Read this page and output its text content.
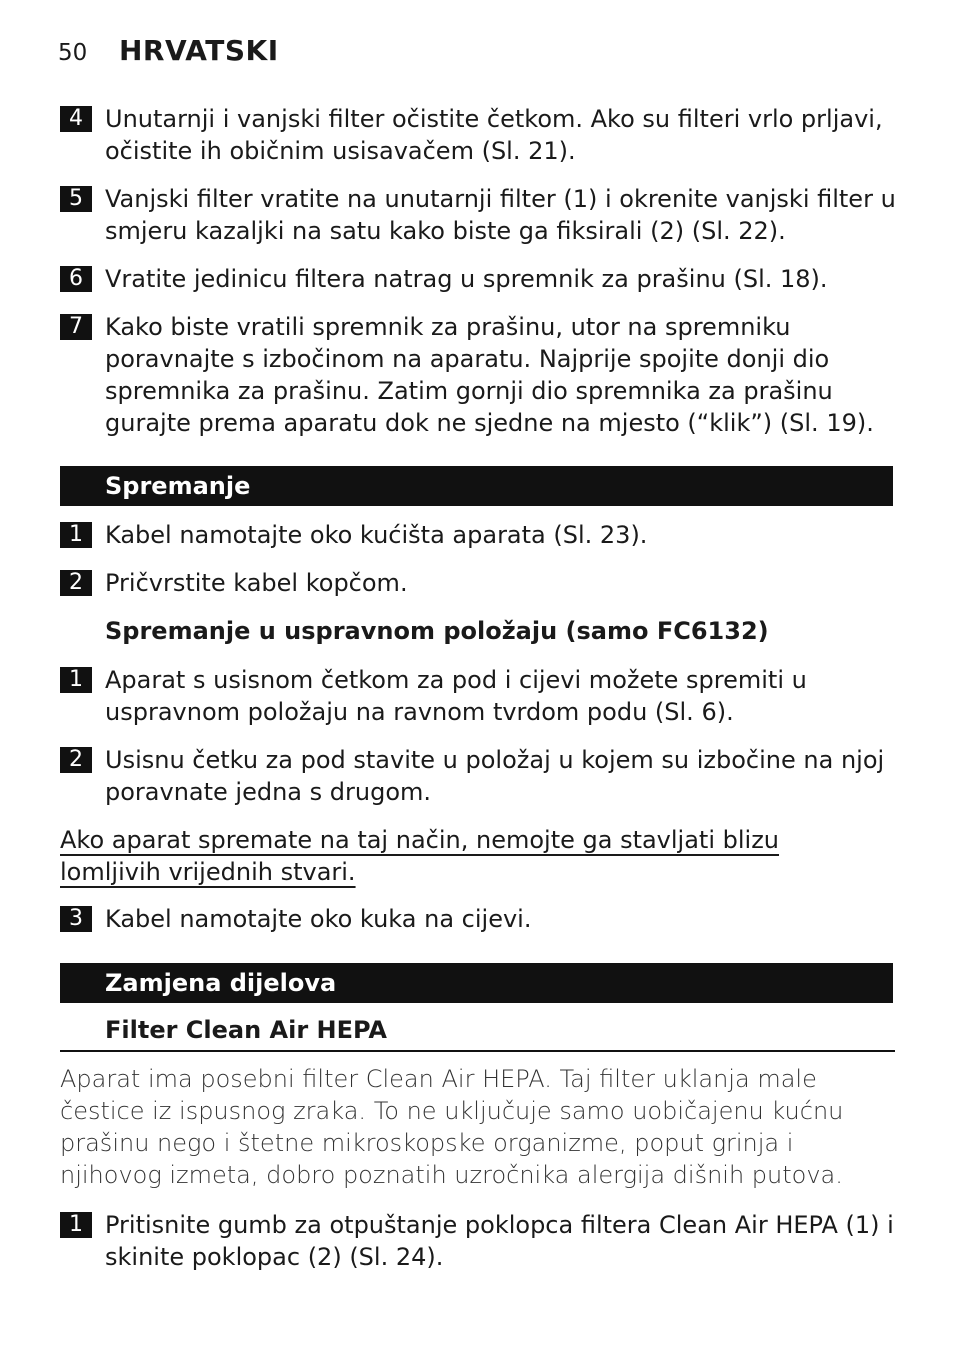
50 HRVATSKI
4 Unutarnji i vanjski filter očistite četkom. Ako su filteri vrlo prljavi, očistite ih običnim usisavačem (Sl. 21).
5 Vanjski filter vratite na unutarnji filter (1) i okrenite vanjski filter u smjeru kazaljki na satu kako biste ga fiksirali (2) (Sl. 22).
6 Vratite jedinicu filtera natrag u spremnik za prašinu (Sl. 18).
7 Kako biste vratili spremnik za prašinu, utor na spremniku poravnajte s izbočinom na aparatu. Najprije spojite donji dio spremnika za prašinu. Zatim gornji dio spremnika za prašinu gurajte prema aparatu dok ne sjedne na mjesto (“klik”) (Sl. 19).
Spremanje
1 Kabel namotajte oko kućišta aparata (Sl. 23).
2 Pričvrstite kabel kopčom.
Spremanje u uspravnom položaju (samo FC6132)
1 Aparat s usisnom četkom za pod i cijevi možete spremiti u uspravnom položaju na ravnom tvrdom podu (Sl. 6).
2 Usisnu četku za pod stavite u položaj u kojem su izbočine na njoj poravnate jedna s drugom.
Ako aparat spremate na taj način, nemojte ga stavljati blizu lomljivih vrijednih stvari.
3 Kabel namotajte oko kuka na cijevi.
Zamjena dijelova
Filter Clean Air HEPA
Aparat ima posebni filter Clean Air HEPA. Taj filter uklanja male čestice iz ispusnog zraka. To ne uključuje samo uobičajenu kućnu prašinu nego i štetne mikroskopske organizme, poput grinja i njihovog izmeta, dobro poznatih uzročnika alergija dišnih putova.
1 Pritisnite gumb za otpuštanje poklopca filtera Clean Air HEPA (1) i skinite poklopac (2) (Sl. 24).
